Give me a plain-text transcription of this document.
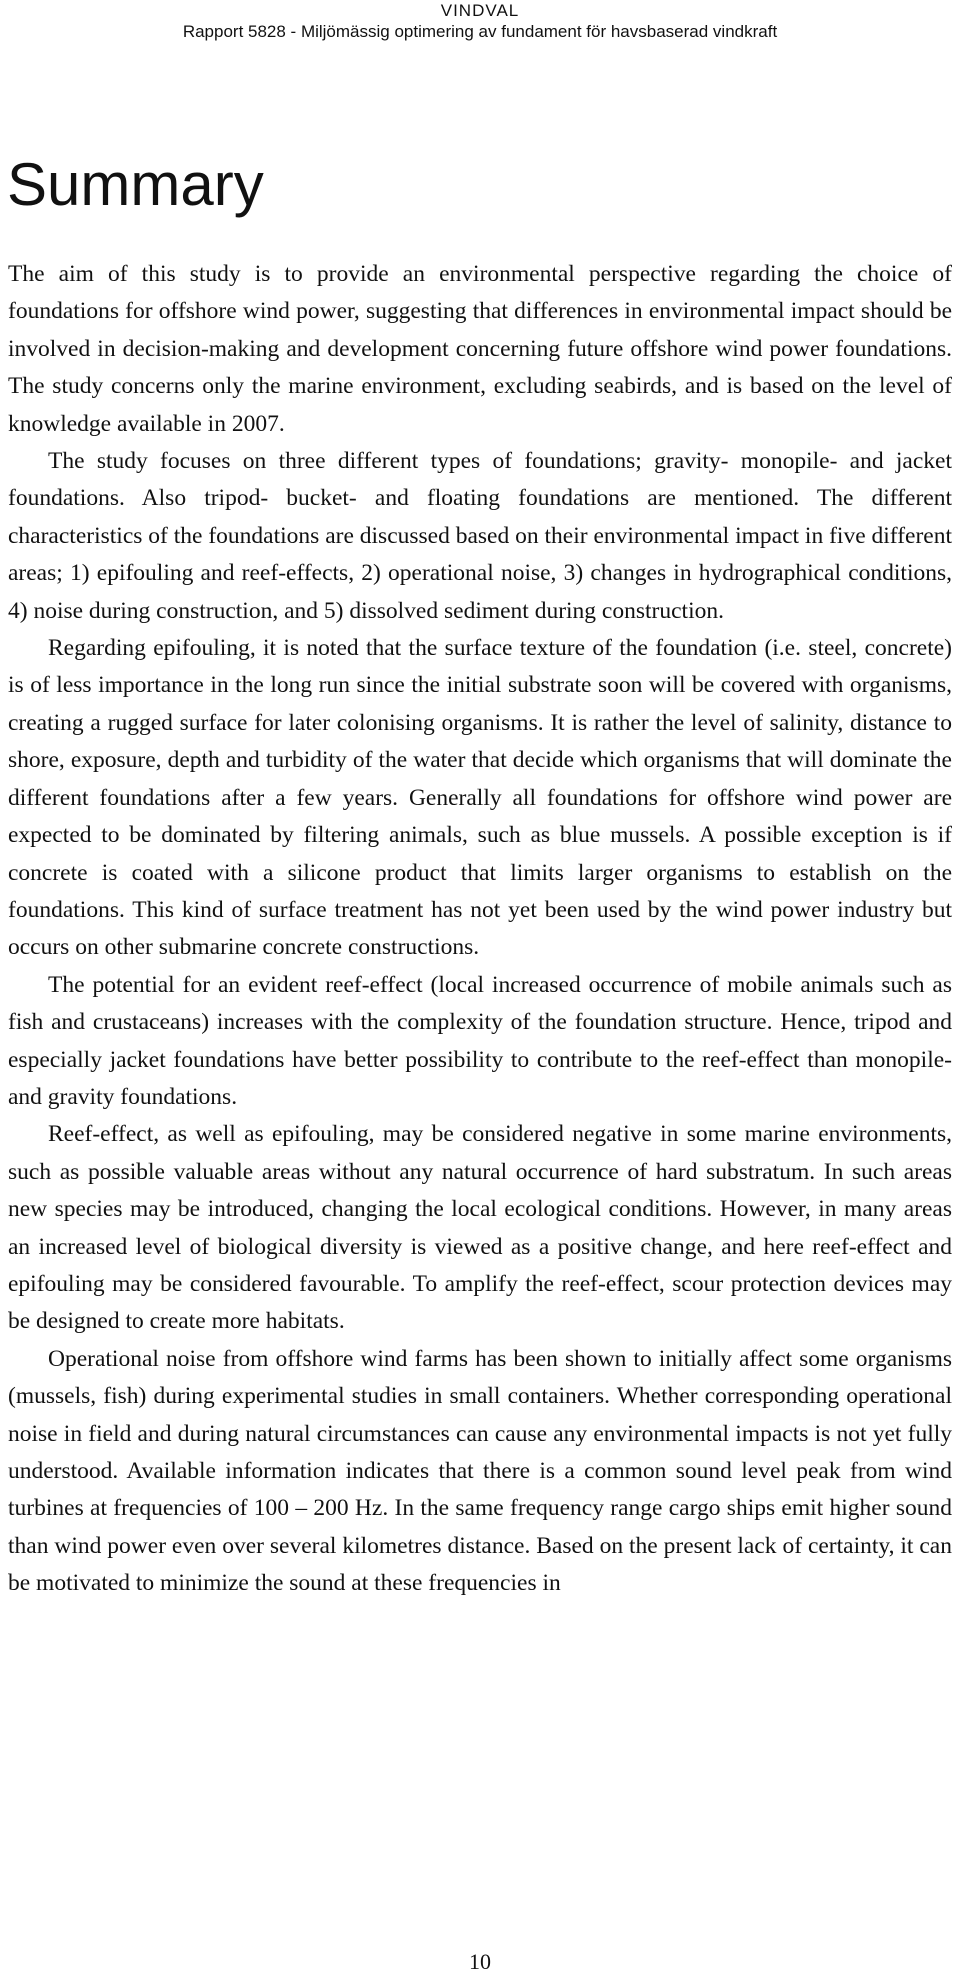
VINDVAL
Rapport 5828 - Miljömässig optimering av fundament för havsbaserad vindkraft
Summary

The aim of this study is to provide an environmental perspective regarding the choice of foundations for offshore wind power, suggesting that differences in environmental impact should be involved in decision-making and development concerning future offshore wind power foundations. The study concerns only the marine environment, excluding seabirds, and is based on the level of knowledge available in 2007.

The study focuses on three different types of foundations; gravity- monopile- and jacket foundations. Also tripod- bucket- and floating foundations are mentioned. The different characteristics of the foundations are discussed based on their environmental impact in five different areas; 1) epifouling and reef-effects, 2) operational noise, 3) changes in hydrographical conditions, 4) noise during construction, and 5) dissolved sediment during construction.

Regarding epifouling, it is noted that the surface texture of the foundation (i.e. steel, concrete) is of less importance in the long run since the initial substrate soon will be covered with organisms, creating a rugged surface for later colonising organisms. It is rather the level of salinity, distance to shore, exposure, depth and turbidity of the water that decide which organisms that will dominate the different foundations after a few years. Generally all foundations for offshore wind power are expected to be dominated by filtering animals, such as blue mussels. A possible exception is if concrete is coated with a silicone product that limits larger organisms to establish on the foundations. This kind of surface treatment has not yet been used by the wind power industry but occurs on other submarine concrete constructions.

The potential for an evident reef-effect (local increased occurrence of mobile animals such as fish and crustaceans) increases with the complexity of the foundation structure. Hence, tripod and especially jacket foundations have better possibility to contribute to the reef-effect than monopile- and gravity foundations.

Reef-effect, as well as epifouling, may be considered negative in some marine environments, such as possible valuable areas without any natural occurrence of hard substratum. In such areas new species may be introduced, changing the local ecological conditions. However, in many areas an increased level of biological diversity is viewed as a positive change, and here reef-effect and epifouling may be considered favourable. To amplify the reef-effect, scour protection devices may be designed to create more habitats.

Operational noise from offshore wind farms has been shown to initially affect some organisms (mussels, fish) during experimental studies in small containers. Whether corresponding operational noise in field and during natural circumstances can cause any environmental impacts is not yet fully understood. Available information indicates that there is a common sound level peak from wind turbines at frequencies of 100 – 200 Hz. In the same frequency range cargo ships emit higher sound than wind power even over several kilometres distance. Based on the present lack of certainty, it can be motivated to minimize the sound at these frequencies in

10
